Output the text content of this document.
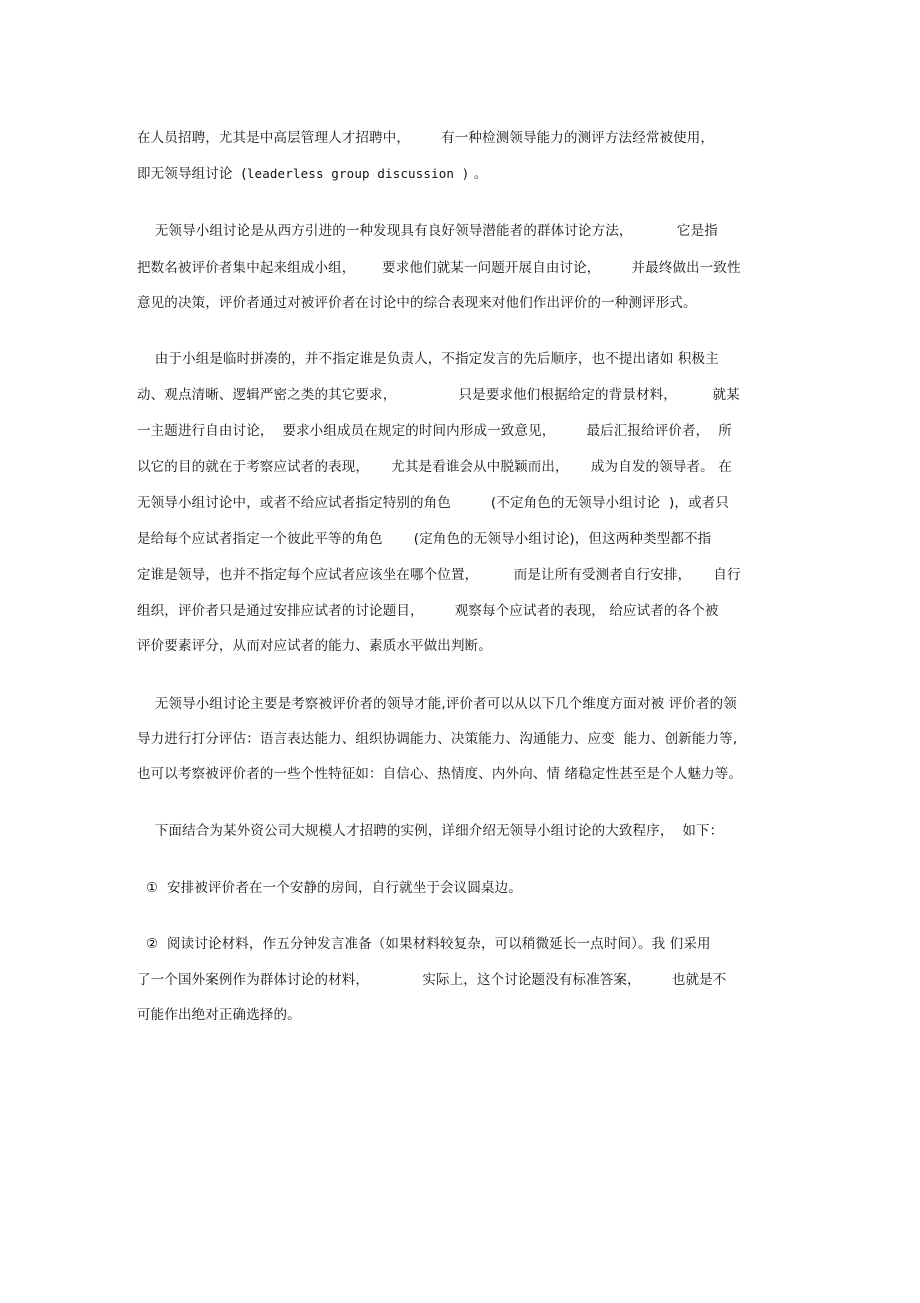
在人员招聘，尤其是中高层管理人才招聘中，       有一种检测领导能力的测评方法经常被使用，
即无领导组讨论  (leaderless group discussion ) 。
无领导小组讨论是从西方引进的一种发现具有良好领导潜能者的群体讨论方法，          它是指
把数名被评价者集中起来组成小组，      要求他们就某一问题开展自由讨论，       并最终做出一致性
意见的决策，评价者通过对被评价者在讨论中的综合表现来对他们作出评价的一种测评形式。
由于小组是临时拼凑的，并不指定谁是负责人，不指定发言的先后顺序，也不提出诸如 积极主
动、观点清晰、逻辑严密之类的其它要求，              只是要求他们根据给定的背景材料，        就某
一主题进行自由讨论，  要求小组成员在规定的时间内形成一致意见，       最后汇报给评价者，  所
以它的目的就在于考察应试者的表现，     尤其是看谁会从中脱颖而出，     成为自发的领导者。 在
无领导小组讨论中，或者不给应试者指定特别的角色         (不定角色的无领导小组讨论  )，或者只
是给每个应试者指定一个彼此平等的角色       (定角色的无领导小组讨论)，但这两种类型都不指
定谁是领导，也并不指定每个应试者应该坐在哪个位置，        而是让所有受测者自行安排，     自行
组织，评价者只是通过安排应试者的讨论题目，       观察每个应试者的表现， 给应试者的各个被
评价要素评分，从而对应试者的能力、素质水平做出判断。
无领导小组讨论主要是考察被评价者的领导才能,评价者可以从以下几个维度方面对被 评价者的领
导力进行打分评估：语言表达能力、组织协调能力、决策能力、沟通能力、应变  能力、创新能力等,
也可以考察被评价者的一些个性特征如：自信心、热情度、内外向、情 绪稳定性甚至是个人魅力等。
下面结合为某外资公司大规模人才招聘的实例，详细介绍无领导小组讨论的大致程序，  如下：
①  安排被评价者在一个安静的房间，自行就坐于会议圆桌边。
②  阅读讨论材料，作五分钟发言准备（如果材料较复杂，可以稍微延长一点时间）。我 们采用
了一个国外案例作为群体讨论的材料，            实际上，这个讨论题没有标准答案，       也就是不
可能作出绝对正确选择的。
